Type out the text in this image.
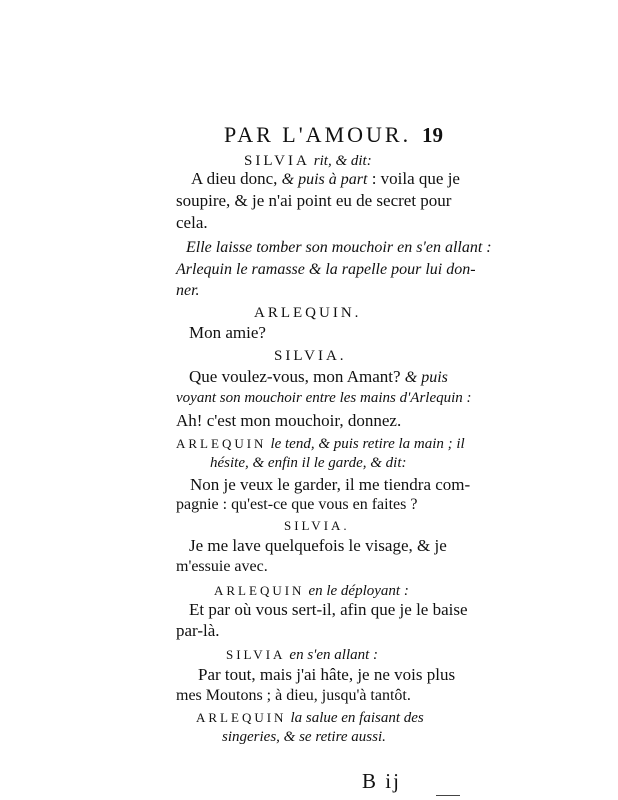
PAR L'AMOUR. 19
SILVIA rit, & dit:
A dieu donc, & puis à part : voila que je
soupire, & je n'ai point eu de secret pour
cela.
Elle laisse tomber son mouchoir en s'en allant :
Arlequin le ramasse & la rapelle pour lui don-
ner.
ARLEQUIN.
Mon amie?
SILVIA.
Que voulez-vous, mon Amant? & puis
voyant son mouchoir entre les mains d'Arlequin :
Ah! c'est mon mouchoir, donnez.
ARLEQUIN le tend, & puis retire la main ; il
hésite, & enfin il le garde, & dit:
Non je veux le garder, il me tiendra com-
pagnie : qu'est-ce que vous en faites ?
SILVIA.
Je me lave quelquefois le visage, & je
m'essuie avec.
ARLEQUIN en le dépl​oyant :
Et par où vous sert-il, afin que je le baise
par-là.
SILVIA en s'en allant :
Par tout, mais j'ai hâte, je ne vois plus
mes Moutons ; à dieu, jusqu'à tantôt.
ARLEQUIN la salue en faisant des
singeries, & se retire aussi.
B ij
